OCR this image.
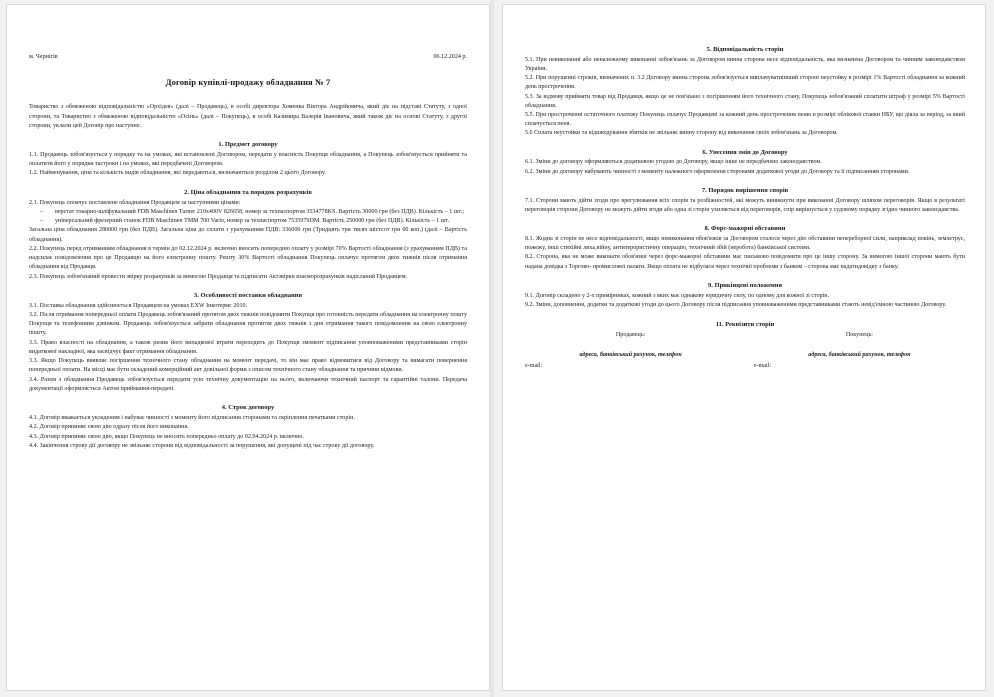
м. Чернігів	06.12.2024 р.
Договір купівлі-продажу обладнання № 7

Товариство з обмеженою відповідальністю «Орхідея» (далі – Продавець), в особі директора Хоменка Віктора Андрійовича, який діє на підставі Статуту, з одної сторони, та Товариство з обмеженою відповідальністю «Осінь» (далі – Покупець), в особі Казимира Валерія Івановича, який також діє на основі Статуту, з другої сторони, уклали цей Договір про наступне.

1. Предмет договору

1.1. Продавець зобов'язується у порядку та на умовах, які встановлені Договором, передати у власність Покупця обладнання, а Покупець зобов'язується прийняти та оплатити його у порядки тастроки і на умовах, які передбачені Договором.

1.2. Найменування, ціна та кількість видів обладнання, які передаються, визначаються розділом 2 цього Договору.

2. Ціна обладнання та порядок розрахунків

2.1. Покупець оплачує поставлене обладнання Продавцем за наступними цінами:

– верстат токарно-шліфувальний FDB Maschinen Turner 210х400V 826658, номер за техпаспортом 3534778KS. Вартість 30000 грн (без ПДВ). Кількість – 1 шт.;
– універсальний фрезерний станок FDB Maschinen ТММ 700 Vario, номер за техпаспортом 7535979DM. Вартість 250000 грн (без ПДВ). Кількість – 1 шт.

Загальна ціна обладнання 280000 грн (без ПДВ). Загальна ціна до сплати з урахуванням ПДВ: 336000 грн (Тридцять три тисяч шістсот грн 00 коп.) (далі – Вартість обладнання).

2.2. Покупець перед отриманням обладнання в термін до 02.12.2024 р. включно вносить попередню оплату у розмірі 70% Вартості обладнання (з урахуванням ПДВ) та надсилає повідомлення про це Продавцю на його електронну пошту. Решту 30% Вартості обладнання Покупець оплачує протягом двох тижнів після отримання обладнання від Продавця.

2.3. Покупець зобов'язаний провести звірку розрахунків за вимогою Продавця та підписати Актзвірки взаєморозрахунків надісланий Продавцем.

3. Особливості поставки обладнання

3.1. Поставка обладнання здійснюється Продавцем на умовах EXW Інкотермс 2010.

3.2. Після отримання попередньої оплати Продавець зобов'язаний протягом двох тижнів повідомити Покупця про готовність передати обладнання на електронну пошту Покупця та телефонним дзвінком. Продавець зобов'язується забрати обладнання протягом двох тижнів з дня отримання такого повідомлення на свою електронну пошту.

3.3. Право власності на обладнання, а також ризик його випадкової втрати переходить до Покупця змомент підписання уповноваженими представниками сторін видаткової накладної, яка засвідчує факт отримання обладнання.

3.3. Якщо Покупець виявляє погіршення технічного стану обладнання на момент передачі, то він має право відмовитися від Договору та вимагати повернення попередньої оплати. На місці має бути складений комерційний акт довільної форми з описом технічного стану обладнання та причини відмови.

3.4. Разом з обладнання Продавець зобов'язується передати усю технічну документацію на нього, включаючи технічний паспорт та гарантійні талони. Передача документації оформлясться Актом приймання-передачі.

4. Строк договору

4.1. Договір вважається укладеним і набуває чинності з моменту його підписання сторонами та скріплення печатками сторін.

4.2. Договір припиняє свою дію одразу після його виконання.

4.3. Договір припиняє свою дію, якщо Покупець не вносить попередньо оплату до 02.04.2024 р. включно.

4.4. Закінчення строку дії договору не звільняє сторони від відповідальності за порушення, які допущені під час строку дії договору.

5. Відповідальність сторін

5.1. При невиконанні або неналежному виконанні зобов'язань за Договором винна сторона несе відповідальність, яка визначена Договором та чинним законодавством України.

5.2. При порушенні строків, визначених п. 3.2 Договору винна сторона зобов'язується виплачуватиінший стороні неустойку в розмірі 1% Вартості обладнання за кожний день прострочення.

5.3. За відмову приймати товар від Продавця, якщо це не пов'язано з погіршенням його технічного стану, Покупець зобов'язаний сплатити штраф у розмірі 5% Вартості обладнання.

5.5. При простроченні остаточного платежу Покупець сплачує Продавцеві за кожний день прострочення пеню в розмірі облікової ставки НБУ, що діяла за період, за який сплачується пеня.

5.6 Сплата неустойки та відшкодування збитків не звільняє винну сторону від виконання своїх зобов'язань за Договором.

6. Унесення змін до Договору

6.1. Зміни до договору оформляються додатковою угодою до Договору, якщо інше не передбачено законодавством.

6.2. Зміни до договору набувають чинності з моменту належного оформлення сторонами додаткової угоди до Договору та її підписанням сторонами.

7. Порядок вирішення спорів

7.1. Сторони мають дійти згоди про врегулювання всіх спорів та розбіжностей, які можуть виникнути при виконанні Договору шляхом переговорів. Якщо в результаті переговорів сторони Договору не можуть дійти згоди або одна зі сторін ухиляється від переговорів, спір вирішується у судовому порядку згідно чинного законодавства.

8. Форс-мажорні обставини

8.1. Жодна зі сторін не несе відповідальності, якщо невиконання обов'язків за Договором сталося через дію обставини непереборної сили, наприклад повінь, землетрус, пожежу, інші стихійні лиха,війну, антитерористичну операцію, технічний збій (неробота) банківської системи.

8.2. Сторона, яка не може виконати обов'язки через форс-мажорні обставини мас письмово повідомити про це іншу сторону. За вимогою іншої сторони мають бути надана довідка з Торгово- промислової палати. Якщо оплата не відбулася через технічні проблеми з банком – сторона має надатидовідку з банку.

9. Прикінцеві положення

9.1. Договір складено у 2-х примірниках, кожний з яких має однакову юридичну силу, по одному для кожної зі сторін.

9.2. Зміни, доповнення, додатки та додаткові угоди до цього Договору після підписання уповноваженими представниками стають невід'ємною частиною Договору.

11. Реквізити сторін
Продавець:
адреса, банківський рахунок, телефон
e-mail:
Покупець:
адреса, банківський рахунок, телефон
e-mail:
